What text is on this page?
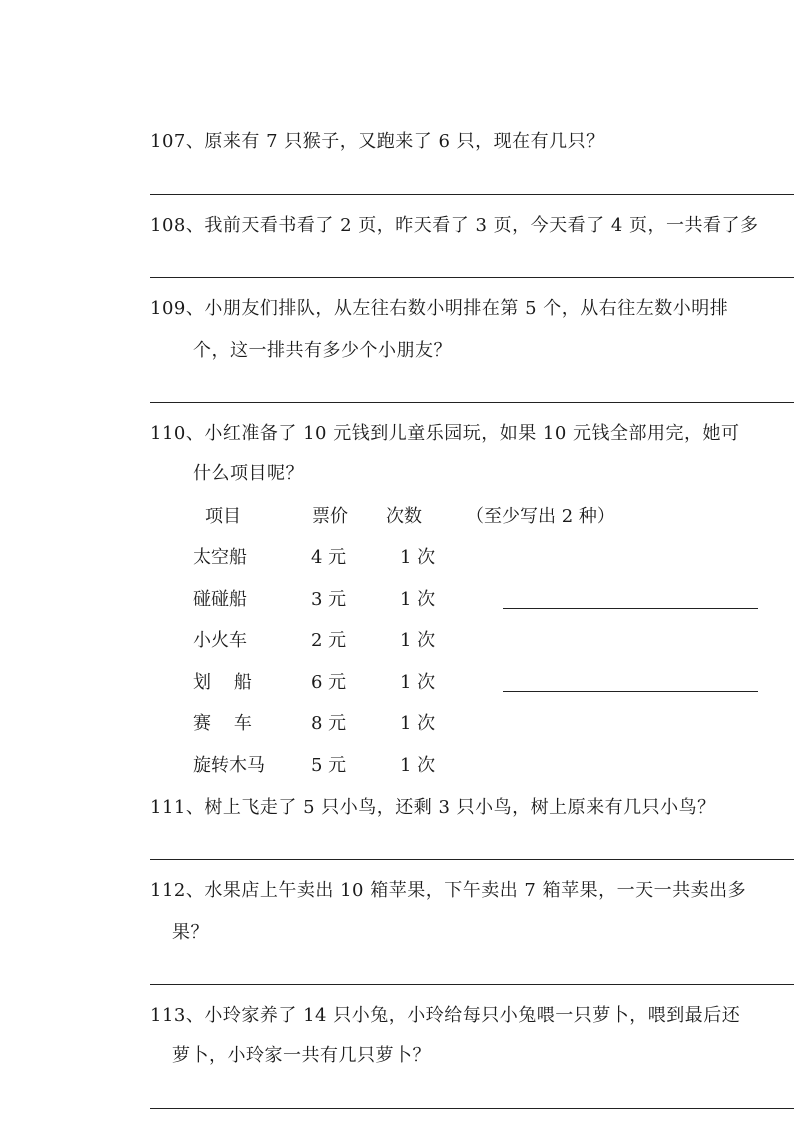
107、原来有 7 只猴子，又跑来了 6 只，现在有几只？
108、我前天看书看了 2 页，昨天看了 3 页，今天看了 4 页，一共看了多
109、小朋友们排队，从左往右数小明排在第 5 个，从右往左数小明排
个，这一排共有多少个小朋友？
110、小红准备了 10 元钱到儿童乐园玩，如果 10 元钱全部用完，她可
什么项目呢？
项目	票价 次数 （至少写出 2 种）
太空船	4 元	1 次
碰碰船	3 元	1 次
小火车	2 元	1 次
划    船	6 元	1 次
赛    车	8 元	1 次
旋转木马	5 元	1 次
111、树上飞走了 5 只小鸟，还剩 3 只小鸟，树上原来有几只小鸟？
112、水果店上午卖出 10 箱苹果，下午卖出 7 箱苹果，一天一共卖出多
果？
113、小玲家养了 14 只小兔，小玲给每只小兔喂一只萝卜，喂到最后还
萝卜，小玲家一共有几只萝卜？
